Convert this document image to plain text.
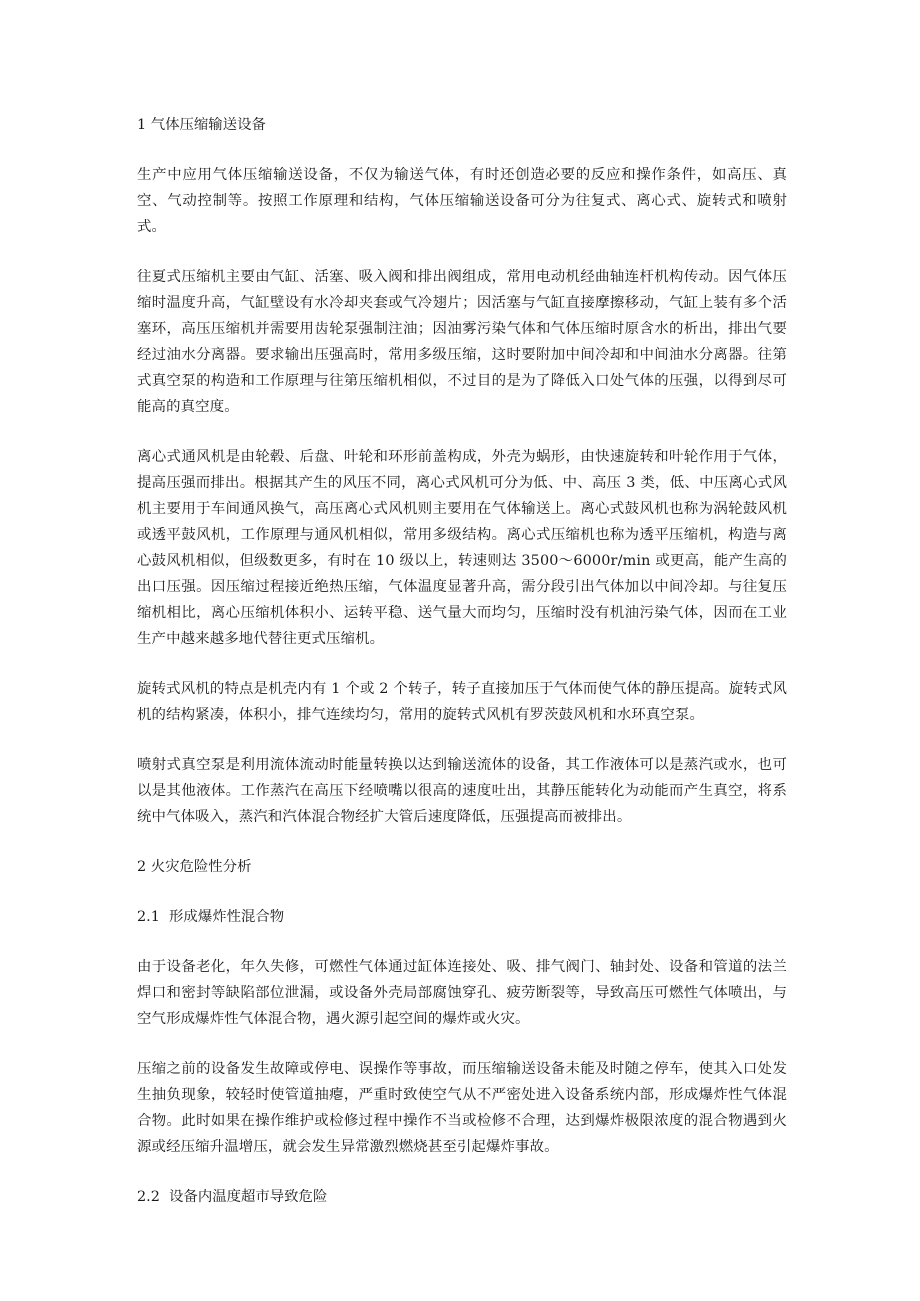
1 气体压缩输送设备

生产中应用气体压缩输送设备，不仅为输送气体，有时还创造必要的反应和操作条件，如高压、真空、气动控制等。按照工作原理和结构，气体压缩输送设备可分为往复式、离心式、旋转式和喷射式。

往夏式压缩机主要由气缸、活塞、吸入阀和排出阀组成，常用电动机经曲轴连杆机构传动。因气体压缩时温度升高，气缸壁设有水冷却夹套或气冷翅片；因活塞与气缸直接摩擦移动，气缸上装有多个活塞环，高压压缩机并需要用齿轮泵强制注油；因油雾污染气体和气体压缩时原含水的析出，排出气要经过油水分离器。要求输出压强高时，常用多级压缩，这时要附加中间冷却和中间油水分离器。往第式真空泵的构造和工作原理与往第压缩机相似，不过目的是为了降低入口处气体的压强，以得到尽可能高的真空度。

离心式通风机是由轮毂、后盘、叶轮和环形前盖构成，外壳为蜗形，由快速旋转和叶轮作用于气体，提高压强而排出。根据其产生的风压不同，离心式风机可分为低、中、高压 3 类，低、中压离心式风机主要用于车间通风换气，高压离心式风机则主要用在气体输送上。离心式鼓风机也称为涡轮鼓风机或透平鼓风机，工作原理与通风机相似，常用多级结构。离心式压缩机也称为透平压缩机，构造与离心鼓风机相似，但级数更多，有时在 10 级以上，转速则达 3500～6000r/min 或更高，能产生高的出口压强。因压缩过程接近绝热压缩，气体温度显著升高，需分段引出气体加以中间冷却。与往复压缩机相比，离心压缩机体积小、运转平稳、送气量大而均匀，压缩时没有机油污染气体，因而在工业生产中越来越多地代替往更式压缩机。

旋转式风机的特点是机壳内有 1 个或 2 个转子，转子直接加压于气体而使气体的静压提高。旋转式风机的结构紧凑，体积小，排气连续均匀，常用的旋转式风机有罗茨鼓风机和水环真空泵。

喷射式真空泵是利用流体流动时能量转换以达到输送流体的设备，其工作液体可以是蒸汽或水，也可以是其他液体。工作蒸汽在高压下经喷嘴以很高的速度吐出，其静压能转化为动能而产生真空，将系统中气体吸入，蒸汽和汽体混合物经扩大管后速度降低，压强提高而被排出。

2 火灾危险性分析
2.1  形成爆炸性混合物

由于设备老化，年久失修，可燃性气体通过缸体连接处、吸、排气阀门、轴封处、设备和管道的法兰焊口和密封等缺陷部位泄漏，或设备外壳局部腐蚀穿孔、疲劳断裂等，导致高压可燃性气体喷出，与空气形成爆炸性气体混合物，遇火源引起空间的爆炸或火灾。

压缩之前的设备发生故障或停电、误操作等事故，而压缩输送设备未能及时随之停车，使其入口处发生抽负现象，较轻时使管道抽瘪，严重时致使空气从不严密处进入设备系统内部，形成爆炸性气体混合物。此时如果在操作维护或检修过程中操作不当或检修不合理，达到爆炸极限浓度的混合物遇到火源或经压缩升温增压，就会发生异常激烈燃烧甚至引起爆炸事故。

2.2  设备内温度超市导致危险
